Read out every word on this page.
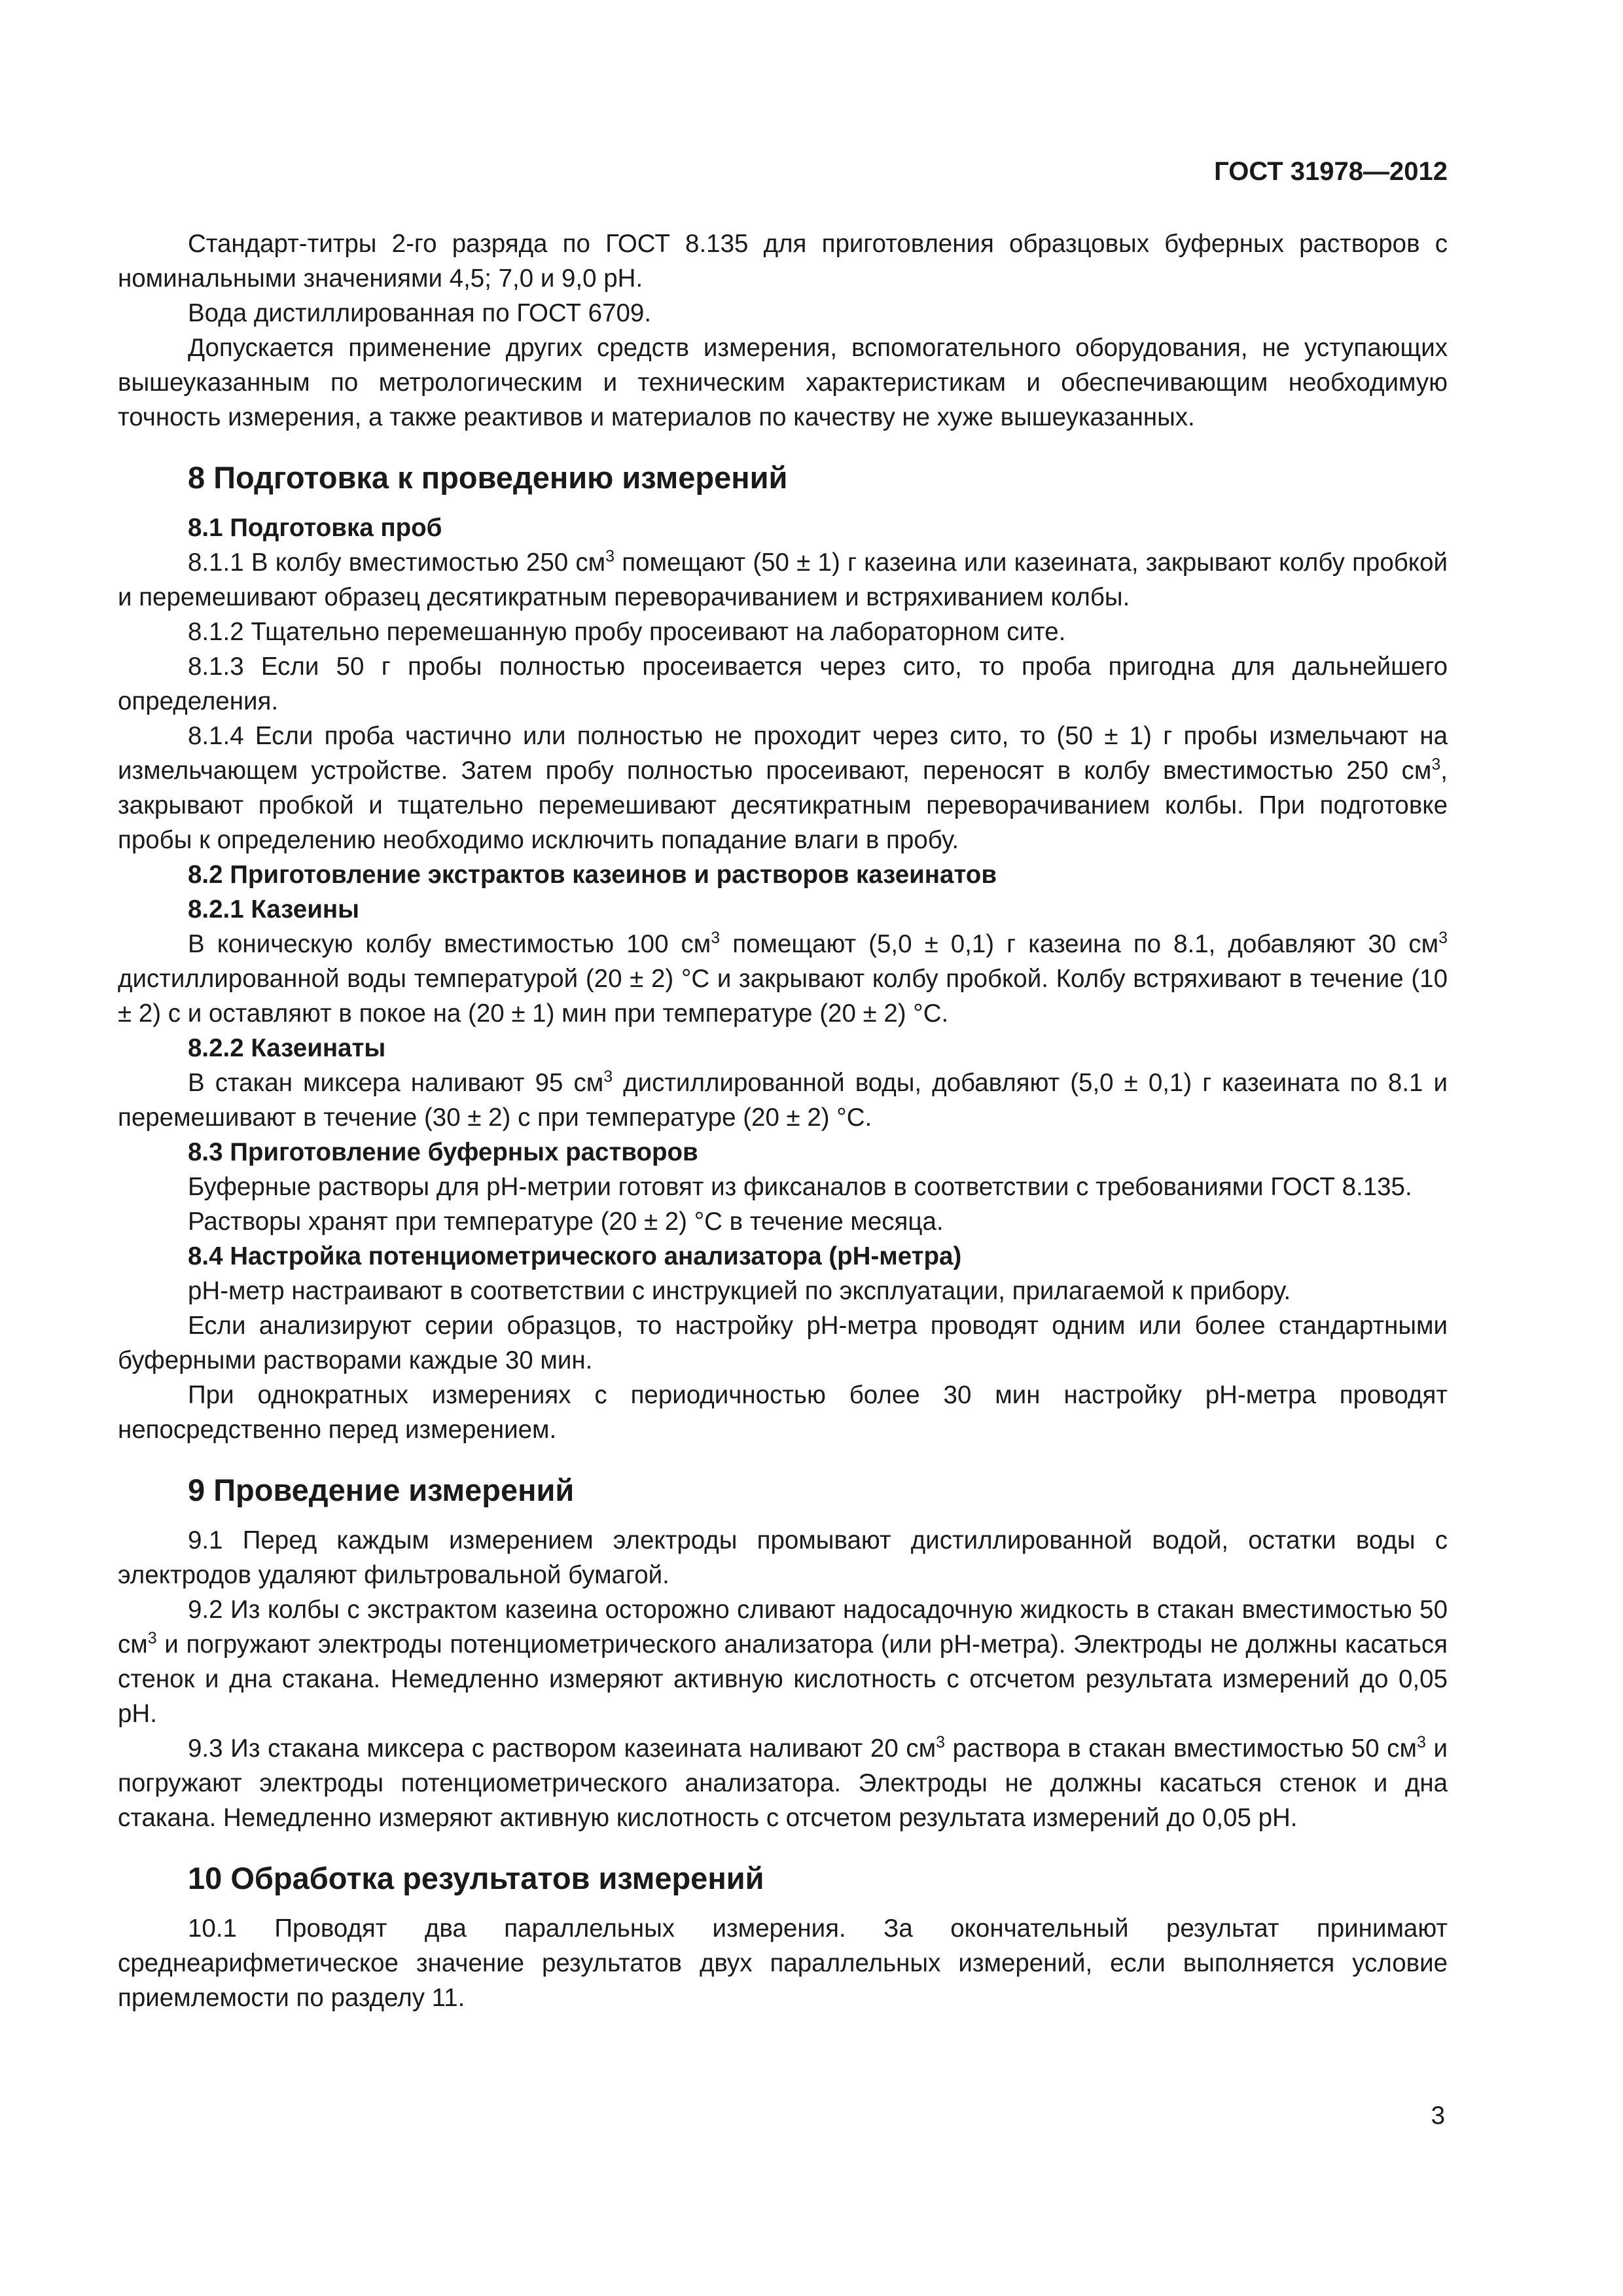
ГОСТ 31978—2012

Стандарт-титры 2-го разряда по ГОСТ 8.135 для приготовления образцовых буферных растворов с номинальными значениями 4,5; 7,0 и 9,0 pH.

Вода дистиллированная по ГОСТ 6709.

Допускается применение других средств измерения, вспомогательного оборудования, не уступающих вышеуказанным по метрологическим и техническим характеристикам и обеспечивающим необходимую точность измерения, а также реактивов и материалов по качеству не хуже вышеуказанных.

8 Подготовка к проведению измерений
8.1 Подготовка проб

8.1.1 В колбу вместимостью 250 $см^3$ помещают (50 ± 1) г казеина или казеината, закрывают колбу пробкой и перемешивают образец десятикратным переворачиванием и встряхиванием колбы.

8.1.2 Тщательно перемешанную пробу просеивают на лабораторном сите.

8.1.3 Если 50 г пробы полностью просеивается через сито, то проба пригодна для дальнейшего определения.

8.1.4 Если проба частично или полностью не проходит через сито, то (50 ± 1) г пробы измельчают на измельчающем устройстве. Затем пробу полностью просеивают, переносят в колбу вместимостью 250 $см^3$, закрывают пробкой и тщательно перемешивают десятикратным переворачиванием колбы. При подготовке пробы к определению необходимо исключить попадание влаги в пробу.

8.2 Приготовление экстрактов казеинов и растворов казеинатов
8.2.1 Казеины

В коническую колбу вместимостью 100 $см^3$ помещают (5,0 ± 0,1) г казеина по 8.1, добавляют 30 $см^3$ дистиллированной воды температурой (20 ± 2) °С и закрывают колбу пробкой. Колбу встряхивают в течение (10 ± 2) с и оставляют в покое на (20 ± 1) мин при температуре (20 ± 2) °С.

8.2.2 Казеинаты

В стакан миксера наливают 95 $см^3$ дистиллированной воды, добавляют (5,0 ± 0,1) г казеината по 8.1 и перемешивают в течение (30 ± 2) с при температуре (20 ± 2) °С.

8.3 Приготовление буферных растворов

Буферные растворы для pH-метрии готовят из фиксаналов в соответствии с требованиями ГОСТ 8.135.

Растворы хранят при температуре (20 ± 2) °С в течение месяца.

8.4 Настройка потенциометрического анализатора (pH-метра)

pH-метр настраивают в соответствии с инструкцией по эксплуатации, прилагаемой к прибору.

Если анализируют серии образцов, то настройку pH-метра проводят одним или более стандартными буферными растворами каждые 30 мин.

При однократных измерениях с периодичностью более 30 мин настройку pH-метра проводят непосредственно перед измерением.

9 Проведение измерений

9.1 Перед каждым измерением электроды промывают дистиллированной водой, остатки воды с электродов удаляют фильтровальной бумагой.

9.2 Из колбы с экстрактом казеина осторожно сливают надосадочную жидкость в стакан вместимостью 50 $см^3$ и погружают электроды потенциометрического анализатора (или pH-метра). Электроды не должны касаться стенок и дна стакана. Немедленно измеряют активную кислотность с отсчетом результата измерений до 0,05 pH.

9.3 Из стакана миксера с раствором казеината наливают 20 $см^3$ раствора в стакан вместимостью 50 $см^3$ и погружают электроды потенциометрического анализатора. Электроды не должны касаться стенок и дна стакана. Немедленно измеряют активную кислотность с отсчетом результата измерений до 0,05 pH.

10 Обработка результатов измерений

10.1 Проводят два параллельных измерения. За окончательный результат принимают среднеарифметическое значение результатов двух параллельных измерений, если выполняется условие приемлемости по разделу 11.

3
